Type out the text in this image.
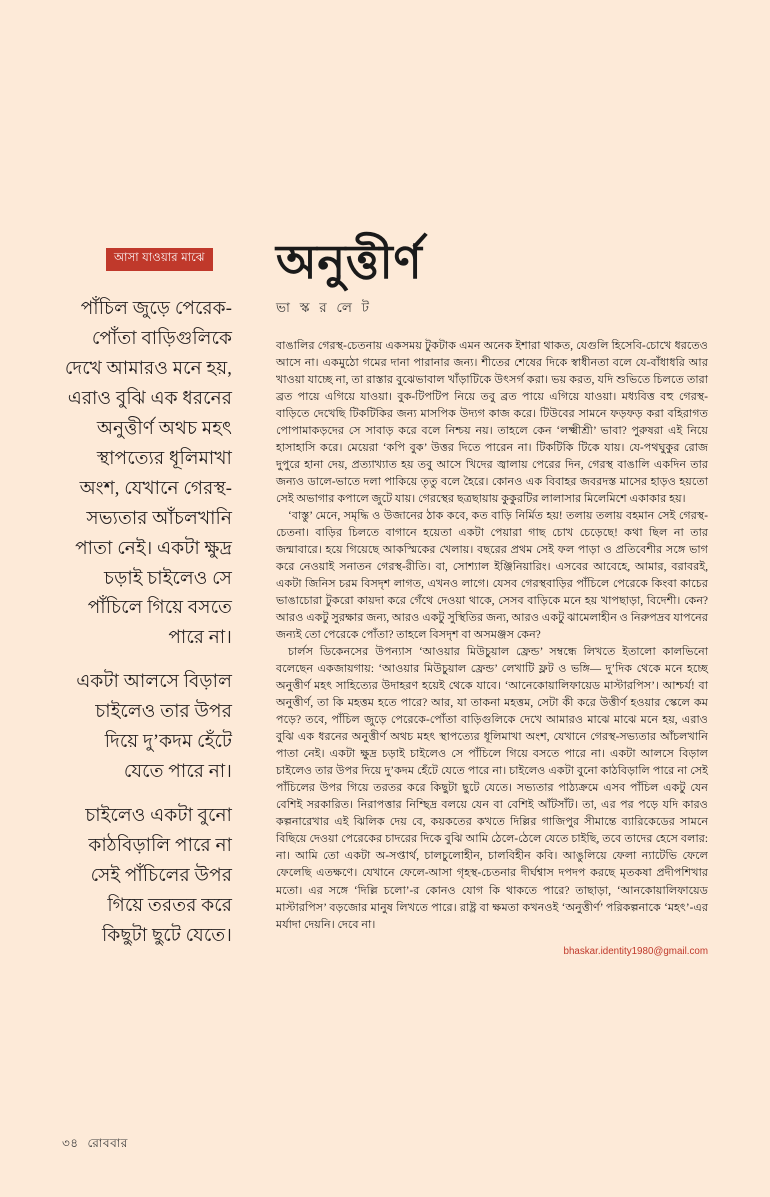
আসা যাওয়ার মাঝে

পাঁচিল জুড়ে পেরেক-পোঁতা বাড়িগুলিকে দেখে আমারও মনে হয়, এরাও বুঝি এক ধরনের অনুত্তীর্ণ অথচ মহৎ স্থাপত্যের ধূলিমাখা অংশ, যেখানে গেরস্থ-সভ্যতার আঁচলখানি পাতা নেই। একটা ক্ষুদ্র চড়াই চাইলেও সে পাঁচিলে গিয়ে বসতে পারে না।

একটা আলসে বিড়াল চাইলেও তার উপর দিয়ে দু’কদম হেঁটে যেতে পারে না।

চাইলেও একটা বুনো কাঠবিড়ালি পারে না সেই পাঁচিলের উপর গিয়ে তরতর করে কিছুটা ছুটে যেতে।

অনুত্তীর্ণ
ভা স্ক র লে ট

বাঙালির গেরস্থ-চেতনায় একসময় টুকটাক এমন অনেক ইশারা থাকত, যেগুলি হিসেবি-চোখে ধরতেও আসে না। একমুঠো গমের দানা পারানার জন্য। শীতের শেষের দিকে স্বাধীনতা বলে যে-বাঁধাধরি আর খাওয়া যাচ্ছে না, তা রাস্তার বুঝেভাবাল খাঁড়াটিকে উৎসর্গ করা। ভয় করত, যদি শুভিতে চিলতে তারা ব্রত পায়ে এগিয়ে যাওয়া। বুক-টিপটিপ নিয়ে তবু ব্রত পায়ে এগিয়ে যাওয়া। মধ্যবিত্ত বহু গেরস্থ-বাড়িতে দেখেছি টিকটিকির জন্য মাসপিক উদ্যগ কাজ করে। টিউবের সামনে ফড়ফড় করা বহিরাগত পোপামাকড়দের সে সাবাড় করে বলে নিশ্চয় নয়। তাহলে কেন ‘লক্ষ্মীশ্রী’ ভাবা? পুরুষরা এই নিয়ে হাসাহাসি করে। মেয়েরা ‘কপি বুক’ উত্তর দিতে পারেন না। টিকটিকি টিকে যায়। যে-পথঘুকুর রোজ দুপুরে হানা দেয়, প্রত্যাখ্যাত হয় তবু আসে খিদের জ্বালায় পেরের দিন, গেরস্থ বাঙালি একদিন তার জন্যও ডালে-ভাতে দলা পাকিয়ে তৃতু বলে হৈরে। কোনও এক বিবাহর জবরদস্ত মাসের হাড়ও হয়তো সেই অভাগার কপালে জুটে যায়। গেরস্থের ছত্রছায়ায় কুকুরটির লালাসার মিলেমিশে একাকার হয়।

‘বাস্তু’ মেনে, সমৃদ্ধি ও উজানের ঠাক কবে, কত বাড়ি নির্মিত হয়! তলায় তলায় বহমান সেই গেরস্থ-চেতনা। বাড়ির চিলতে বাগানে হয়েতা একটা পেয়ারা গাছ চোখ চেড়েছে! কথা ছিল না তার জন্মাবারে। হয়ে গিয়েছে আকস্মিকের খেলায়। বছরের প্রথম সেই ফল পাড়া ও প্রতিবেশীর সঙ্গে ভাগ করে নেওয়াই সনাতন গেরস্থ-রীতি। বা, সোশ্যাল ইঞ্জিনিয়ারিং। এসবের আবেহে, আমার, বরাবরই, একটা জিনিস চরম বিসদৃশ লাগত, এখনও লাগে। যেসব গেরস্থবাড়ির পাঁচিলে পেরেকে কিংবা কাচের ভাঙাচোরা টুকরো কায়দা করে গেঁথে দেওয়া থাকে, সেসব বাড়িকে মনে হয় খাপছাড়া, বিদেশী। কেন? আরও একটু সুরক্ষার জন্য, আরও একটু সুস্থিতির জন্য, আরও একটু ঝামেলাহীন ও নিরুপদ্রব যাপনের জন্যই তো পেরেকে পোঁতা? তাহলে বিসদৃশ বা অসমঞ্জস কেন?

চার্লস ডিকেনসের উপন্যাস ‘আওয়ার মিউচুয়াল ফ্রেন্ড’ সম্বন্ধে লিখতে ইতালো কালভিনো বলেছেন একজায়গায়: ‘আওয়ার মিউচুয়াল ফ্রেন্ড’ লেখাটি ফ্লট ও ভঙ্গি— দু’দিক থেকে মনে হচ্ছে অনুত্তীর্ণ মহৎ সাহিত্যের উদাহরণ হয়েই থেকে যাবে। ‘আনেকোয়ালিফায়েড মাস্টারপিস’। আশ্চর্য! বা অনুত্তীর্ণ, তা কি মহত্তম হতে পারে? আর, যা তাকনা মহত্তম, সেটা কী করে উত্তীর্ণ হওয়ার স্কেলে কম পড়ে? তবে, পাঁচিল জুড়ে পেরেকে-পোঁতা বাড়িগুলিকে দেখে আমারও মাঝে মাঝে মনে হয়, এরাও বুঝি এক ধরনের অনুত্তীর্ণ অথচ মহৎ স্থাপত্যের ধূলিমাখা অংশ, যেখানে গেরস্থ-সভ্যতার আঁচলখানি পাতা নেই। একটা ক্ষুদ্র চড়াই চাইলেও সে পাঁচিলে গিয়ে বসতে পারে না। একটা আলসে বিড়াল চাইলেও তার উপর দিয়ে দু’কদম হেঁটে যেতে পারে না। চাইলেও একটা বুনো কাঠবিড়ালি পারে না সেই পাঁচিলের উপর গিয়ে তরতর করে কিছুটা ছুটে যেতে। সভ্যতার পাঠ্যক্রমে এসব পাঁচিল একটু যেন বেশিই সরকারিত। নিরাপত্তার নিশ্ছিদ্র বলয়ে যেন বা বেশিই আঁটসাঁট। তা, এর পর পড়ে যদি কারও কল্পনারেখার এই ঝিলিক দেয় বে, কয়কতের কখতে দিল্লির গাজিপুর সীমান্তে ব্যারিকেডের সামনে বিছিয়ে দেওয়া পেরেকের চাদরের দিকে বুঝি আমি ঠেলে-ঠেলে যেতে চাইছি, তবে তাদের হেসে বলার: না। আমি তো একটা অ-সপ্তার্থ, চালচুলোহীন, চালবিহীন কবি। আঙুলিয়ে ফেলা ন্যাটেভি ফেলে ফেলেছি এতক্ষণে। যেখানে ফেলে-আসা গৃহস্থ-চেতনার দীর্ঘশ্বাস দপদপ করছে মৃতকষা প্রদীপশিখার মতো। এর সঙ্গে ‘দিল্লি চলো’-র কোনও যোগ কি থাকতে পারে? তাছাড়া, ‘আনকোয়ালিফায়েড মাস্টারপিস’ বড়জোর মানুষ লিখতে পারে। রাষ্ট্র বা ক্ষমতা কখনওই ‘অনুত্তীর্ণ’ পরিকল্পনাকে ‘মহৎ’-এর মর্যাদা দেয়নি। দেবে না।

bhaskar.identity1980@gmail.com
৩৪ রোববার
